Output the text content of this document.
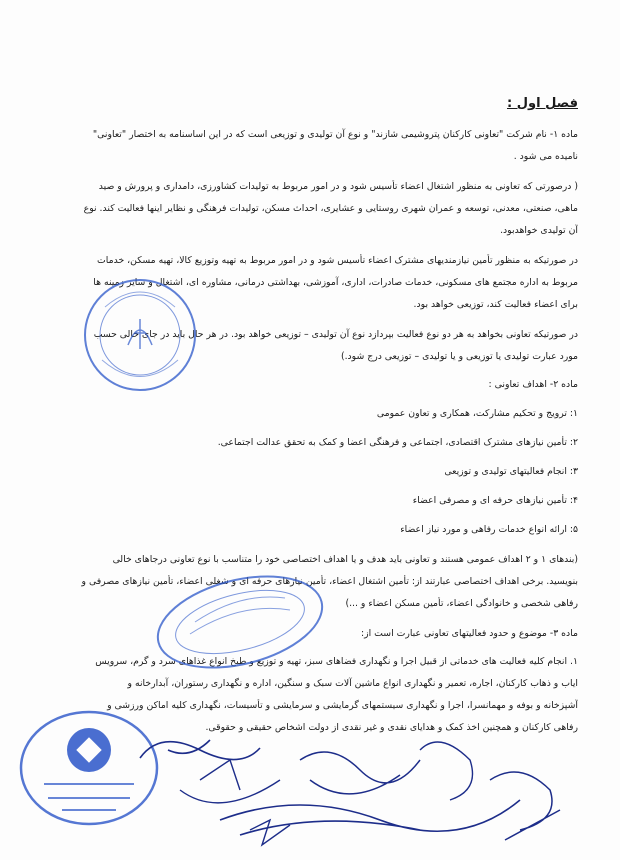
فصل اول :
ماده ۱- نام شرکت "تعاونی کارکنان پتروشیمی شازند" و نوع آن تولیدی و توزیعی است که در این اساسنامه به اختصار "تعاونی"
نامیده می شود .
( درصورتی که تعاونی به منظور اشتغال اعضاء تأسیس شود و در امور مربوط به تولیدات کشاورزی، دامداری و پرورش و صید
ماهی، صنعتی، معدنی، توسعه و عمران شهری روستایی و عشایری، احداث مسکن، تولیدات فرهنگی و نظایر اینها فعالیت کند. نوع
آن تولیدی خواهدبود.
در صورتیکه به منظور تأمین نیازمندیهای مشترک اعضاء تأسیس شود و در امور مربوط به تهیه وتوزیع کالا، تهیه مسکن، خدمات
مربوط به اداره مجتمع های مسکونی، خدمات صادرات، اداری، آموزشی، بهداشتی درمانی، مشاوره ای، اشتغال و سایر زمینه ها
برای اعضاء فعالیت کند، توزیعی خواهد بود.
در صورتیکه تعاونی بخواهد به هر دو نوع فعالیت بپردازد نوع آن تولیدی – توزیعی خواهد بود. در هر حال باید در جای خالی حسب
مورد عبارت تولیدی یا توزیعی و یا تولیدی – توزیعی درج شود.)
ماده ۲- اهداف تعاونی :
۱: ترویج و تحکیم مشارکت، همکاری و تعاون عمومی
۲: تأمین نیازهای مشترک اقتصادی، اجتماعی و فرهنگی اعضا و کمک به تحقق عدالت اجتماعی.
۳: انجام فعالیتهای تولیدی و توزیعی
۴: تأمین نیازهای حرفه ای و مصرفی اعضاء
۵: ارائه انواع خدمات رفاهی و مورد نیاز اعضاء
(بندهای ۱ و ۲ اهداف عمومی هستند و تعاونی باید هدف و یا اهداف اختصاصی خود را متناسب با نوع تعاونی درجاهای خالی
بنویسید. برخی اهداف اختصاصی عبارتند از: تأمین اشتغال اعضاء، تأمین نیازهای حرفه ای و شغلی اعضاء، تأمین نیازهای مصرفی و
رفاهی شخصی و خانوادگی اعضاء، تأمین مسکن اعضاء و ...)
ماده ۳- موضوع و حدود فعالیتهای تعاونی عبارت است از:
۱. انجام کلیه فعالیت های خدماتی از قبیل اجرا و نگهداری فضاهای سبز، تهیه و توزیع و طبخ انواع غذاهای سرد و گرم، سرویس
ایاب و ذهاب کارکنان، اجاره، تعمیر و نگهداری انواع ماشین آلات سبک و سنگین، اداره و نگهداری رستوران، آبدارخانه و
آشپزخانه و بوفه و مهمانسرا، اجرا و نگهداری سیستمهای گرمایشی و سرمایشی و تأسیسات، نگهداری کلیه اماکن ورزشی و
رفاهی کارکنان و همچنین اخذ کمک و هدایای نقدی و غیر نقدی از دولت اشخاص حقیقی و حقوقی.
